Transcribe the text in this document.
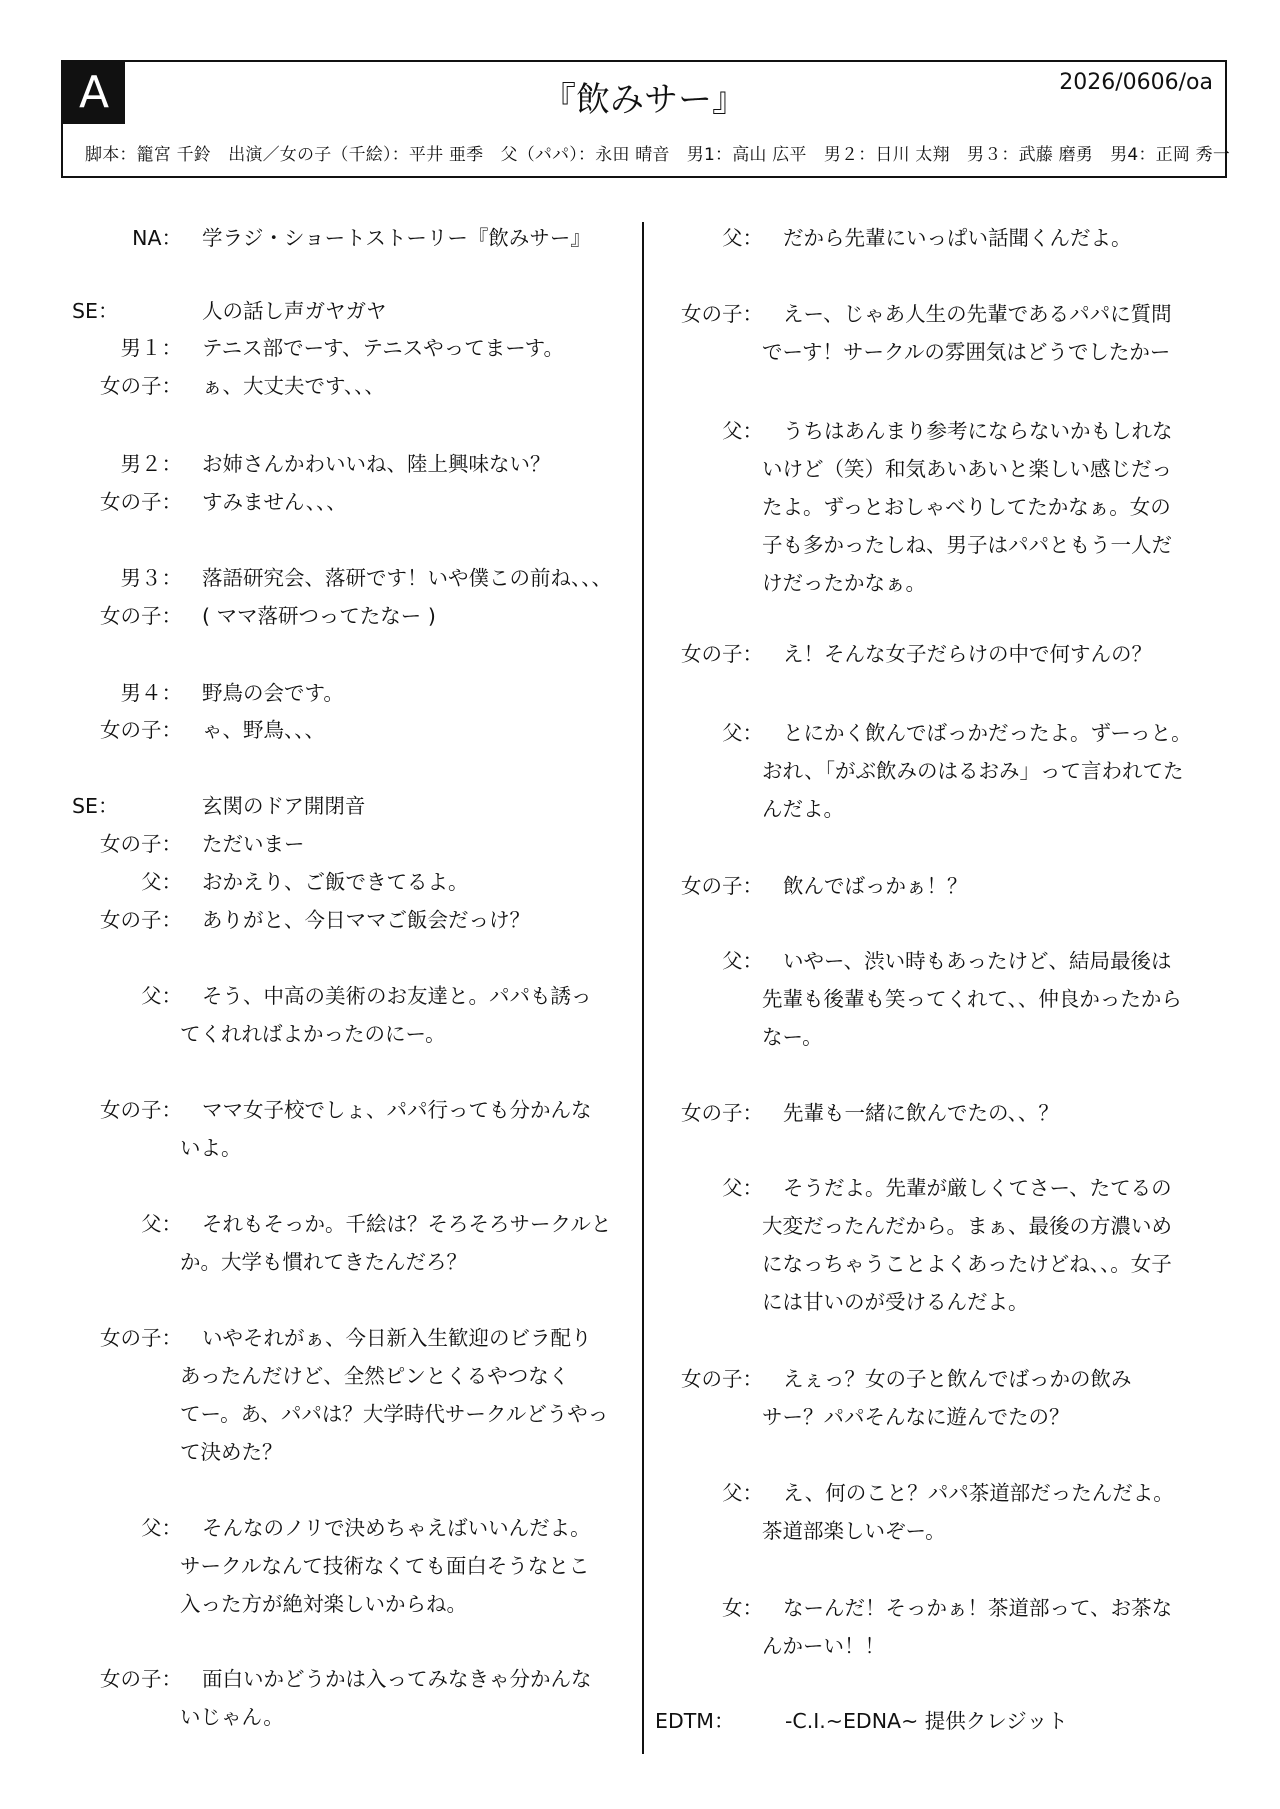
A	『飲みサー』	2026/0606/oa
脚本：籠宮 千鈴　出演／女の子（千絵）：平井 亜季　父（パパ）：永田 晴音　男1：高山 広平　男２：日川 太翔　男３：武藤 磨勇　男4：正岡 秀一
NA： 学ラジ・ショートストーリー『飲みサー』
SE：	人の話し声ガヤガヤ
男１： テニス部でーす、テニスやってまーす。
女の子： ぁ、大丈夫です、、、
男２： お姉さんかわいいね、陸上興味ない？
女の子： すみません、、、
男３： 落語研究会、落研です！いや僕この前ね、、、
女の子： ( ママ落研つってたなー )
男４： 野鳥の会です。
女の子： ゃ、野鳥、、、
SE：	玄関のドア開閉音
女の子： ただいまー
父： おかえり、ご飯できてるよ。
女の子： ありがと、今日ママご飯会だっけ？
父： そう、中高の美術のお友達と。パパも誘っ
てくれればよかったのにー。
女の子： ママ女子校でしょ、パパ行っても分かんな
いよ。
父： それもそっか。千絵は？そろそろサークルと
か。大学も慣れてきたんだろ？
女の子： いやそれがぁ、今日新入生歓迎のビラ配り
あったんだけど、全然ピンとくるやつなく
てー。あ、パパは？大学時代サークルどうやっ
て決めた？
父： そんなのノリで決めちゃえばいいんだよ。
サークルなんて技術なくても面白そうなとこ
入った方が絶対楽しいからね。
女の子： 面白いかどうかは入ってみなきゃ分かんな
いじゃん。
父： だから先輩にいっぱい話聞くんだよ。
女の子： えー、じゃあ人生の先輩であるパパに質問
でーす！サークルの雰囲気はどうでしたかー
父： うちはあんまり参考にならないかもしれな
いけど（笑）和気あいあいと楽しい感じだっ
たよ。ずっとおしゃべりしてたかなぁ。女の
子も多かったしね、男子はパパともう一人だ
けだったかなぁ。
女の子： え！そんな女子だらけの中で何すんの？
父： とにかく飲んでばっかだったよ。ずーっと。
おれ、「がぶ飲みのはるおみ」って言われてた
んだよ。
女の子： 飲んでばっかぁ！？
父： いやー、渋い時もあったけど、結局最後は
先輩も後輩も笑ってくれて、、仲良かったから
なー。
女の子： 先輩も一緒に飲んでたの、、？
父： そうだよ。先輩が厳しくてさー、たてるの
大変だったんだから。まぁ、最後の方濃いめ
になっちゃうことよくあったけどね、、。女子
には甘いのが受けるんだよ。
女の子： えぇっ？女の子と飲んでばっかの飲み
サー？パパそんなに遊んでたの？
父： え、何のこと？パパ茶道部だったんだよ。
茶道部楽しいぞー。
女： なーんだ！そっかぁ！茶道部って、お茶な
んかーい！！
EDTM：	-C.I.~EDNA~ 提供クレジット
